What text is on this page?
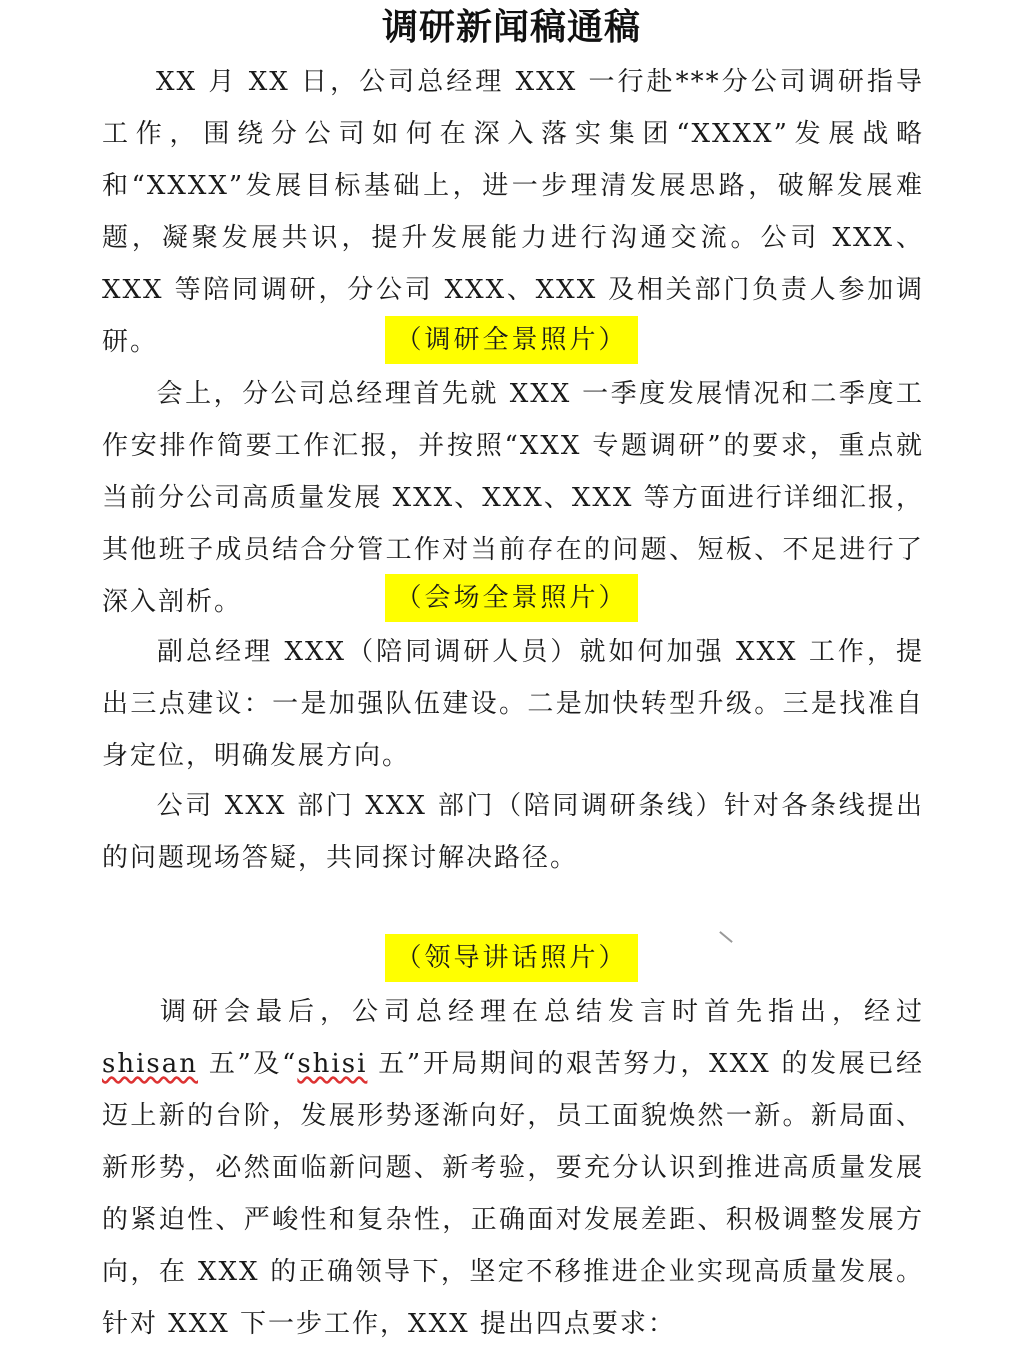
调研新闻稿通稿

XX 月 XX 日，公司总经理 XXX 一行赴***分公司调研指导工作，围绕分公司如何在深入落实集团“XXXX”发展战略和“XXXX”发展目标基础上，进一步理清发展思路，破解发展难题，凝聚发展共识，提升发展能力进行沟通交流。公司 XXX、XXX 等陪同调研，分公司 XXX、XXX 及相关部门负责人参加调研。	（调研全景照片）

会上，分公司总经理首先就 XXX 一季度发展情况和二季度工作安排作简要工作汇报，并按照“XXX 专题调研”的要求，重点就当前分公司高质量发展 XXX、XXX、XXX 等方面进行详细汇报，其他班子成员结合分管工作对当前存在的问题、短板、不足进行了深入剖析。	（会场全景照片）

副总经理 XXX（陪同调研人员）就如何加强 XXX 工作，提出三点建议：一是加强队伍建设。二是加快转型升级。三是找准自身定位，明确发展方向。

公司 XXX 部门 XXX 部门（陪同调研条线）针对各条线提出的问题现场答疑，共同探讨解决路径。

（领导讲话照片）

调研会最后，公司总经理在总结发言时首先指出，经过 shisan 五”及“shisi 五”开局期间的艰苦努力，XXX 的发展已经迈上新的台阶，发展形势逐渐向好，员工面貌焕然一新。新局面、新形势，必然面临新问题、新考验，要充分认识到推进高质量发展的紧迫性、严峻性和复杂性，正确面对发展差距、积极调整发展方向，在 XXX 的正确领导下，坚定不移推进企业实现高质量发展。针对 XXX 下一步工作，XXX 提出四点要求：
